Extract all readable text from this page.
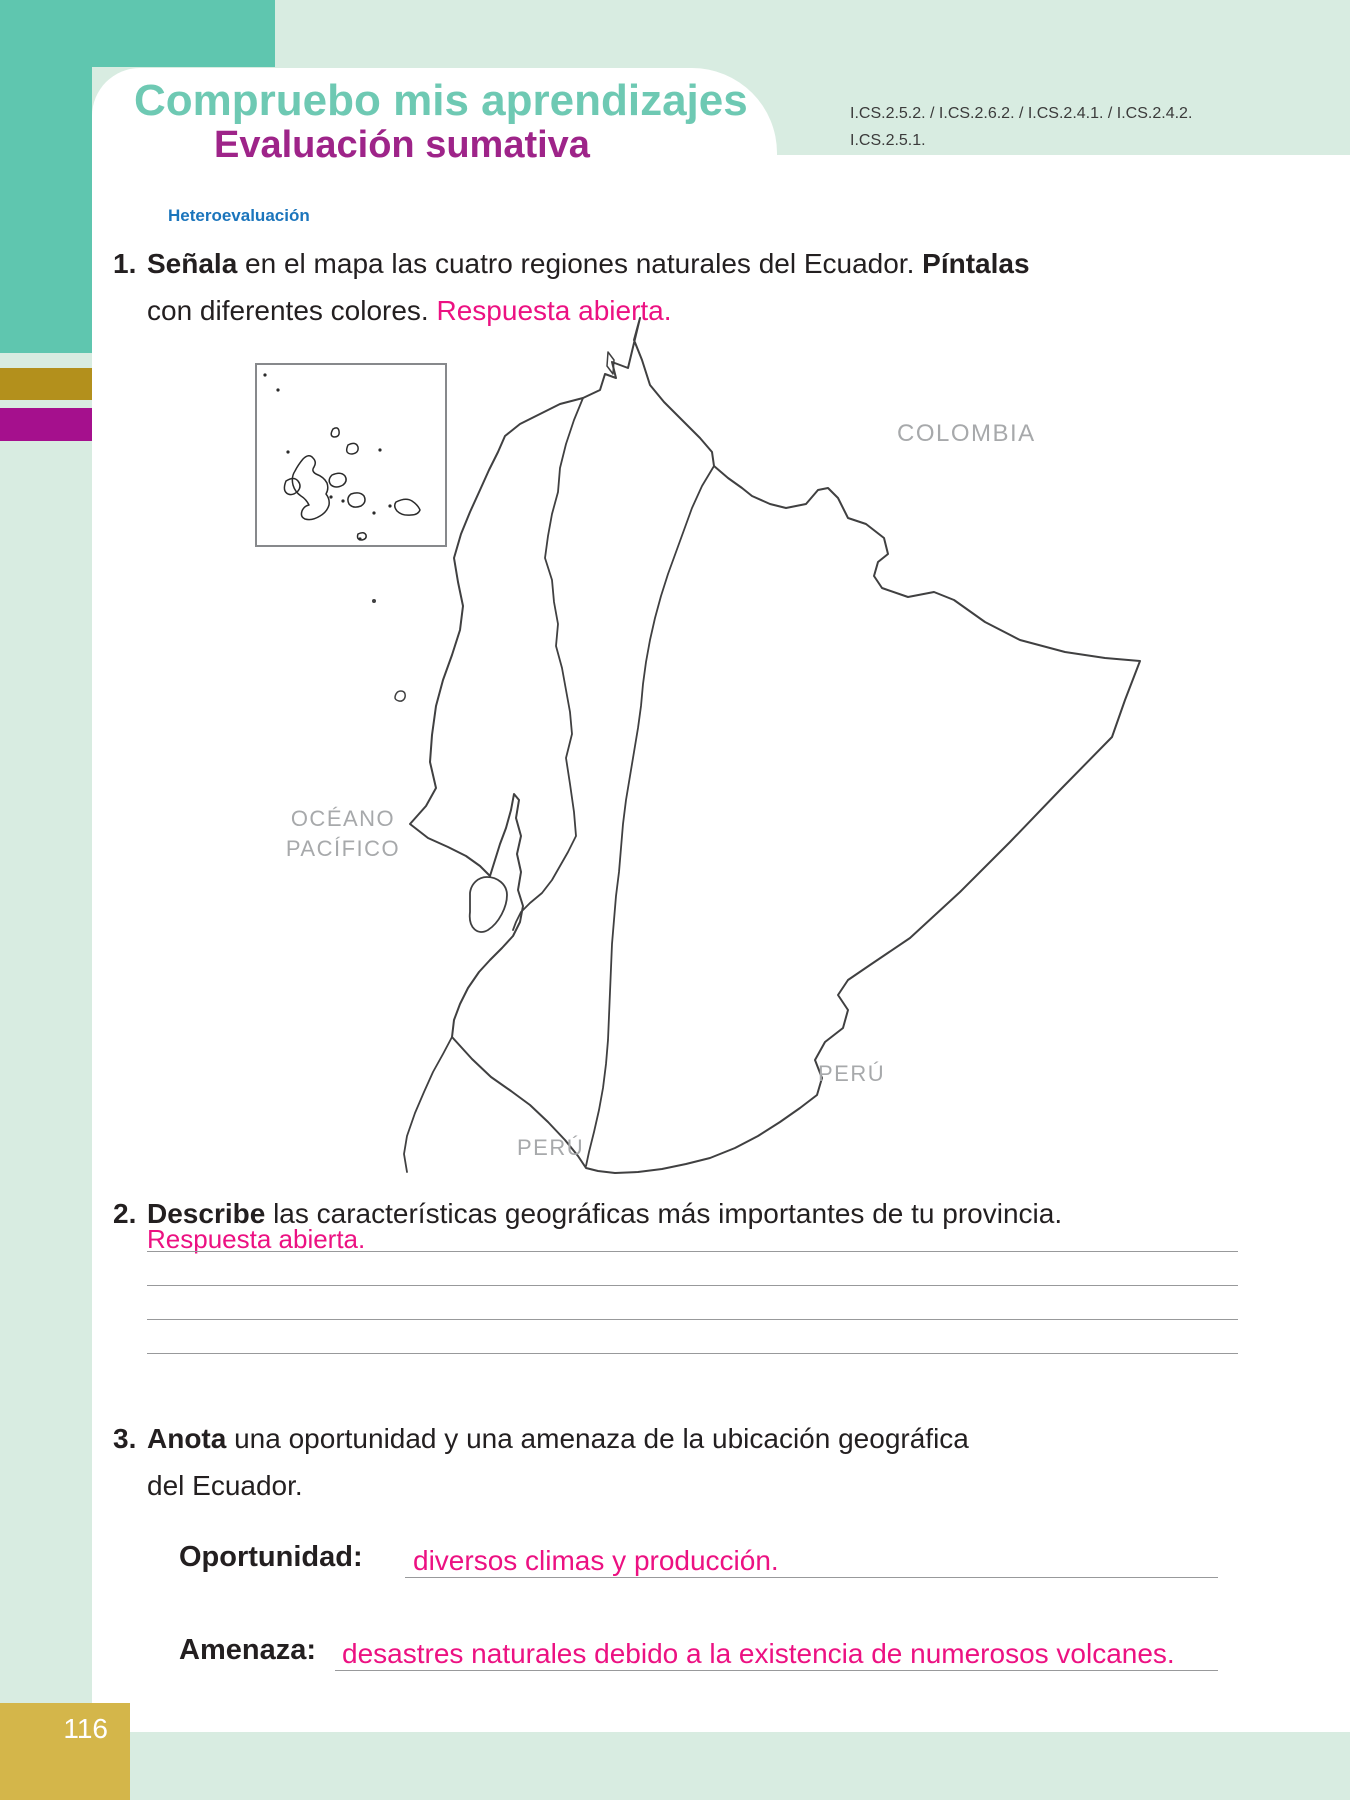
Compruebo mis aprendizajes
Evaluación sumativa
I.CS.2.5.2. / I.CS.2.6.2. / I.CS.2.4.1. / I.CS.2.4.2.
I.CS.2.5.1.
Heteroevaluación
1. Señala en el mapa las cuatro regiones naturales del Ecuador. Píntalas
con diferentes colores. Respuesta abierta.
COLOMBIA
OCÉANO
PACÍFICO
PERÚ
PERÚ
2. Describe las características geográficas más importantes de tu provincia.
Respuesta abierta.
3. Anota una oportunidad y una amenaza de la ubicación geográfica
del Ecuador.
Oportunidad: diversos climas y producción.
Amenaza: desastres naturales debido a la existencia de numerosos volcanes.
116
